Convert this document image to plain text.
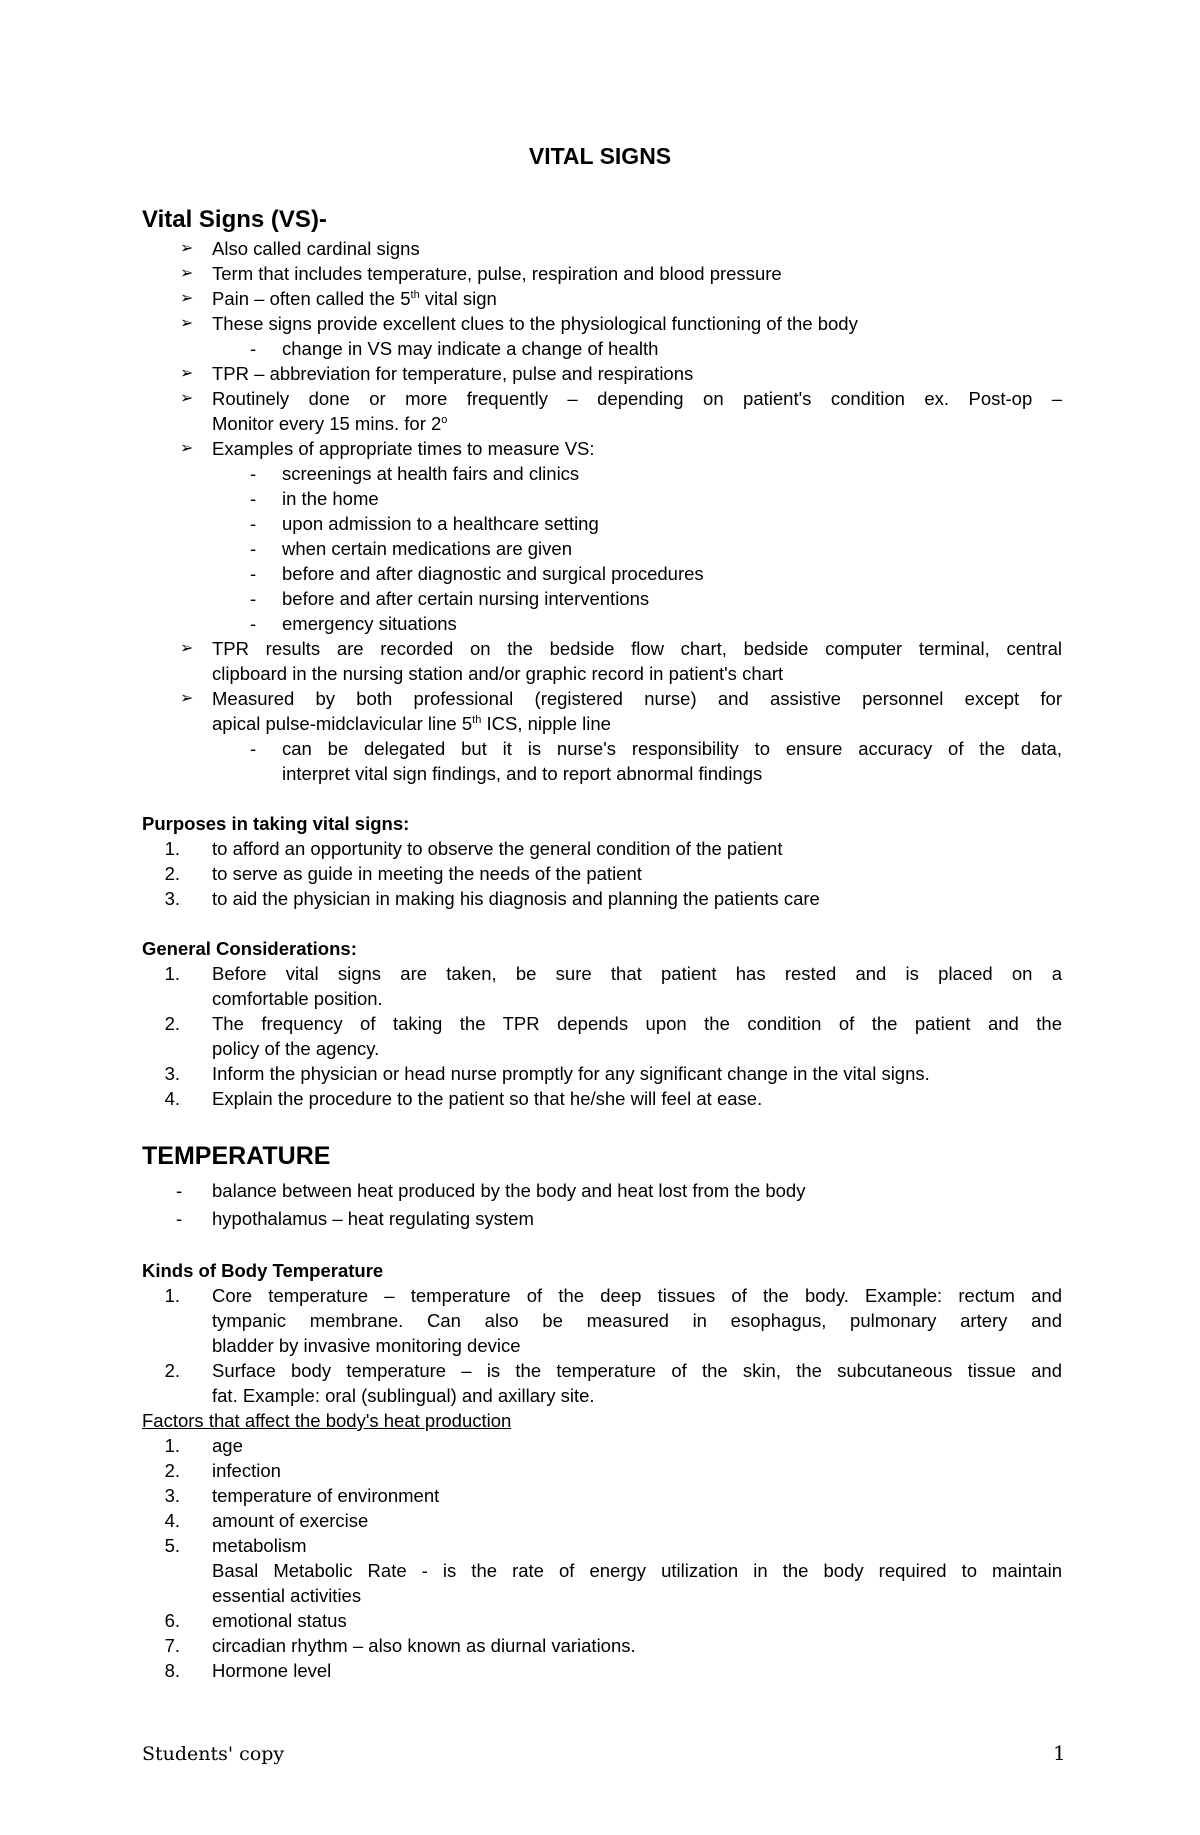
VITAL SIGNS
Vital Signs (VS)-
➢ Also called cardinal signs
➢ Term that includes temperature, pulse, respiration and blood pressure
➢ Pain – often called the 5th vital sign
➢ These signs provide excellent clues to the physiological functioning of the body
- change in VS may indicate a change of health
➢ TPR – abbreviation for temperature, pulse and respirations
➢ Routinely done or more frequently – depending on patient's condition ex. Post-op –
Monitor every 15 mins. for 2$^o$
➢ Examples of appropriate times to measure VS:
- screenings at health fairs and clinics
- in the home
- upon admission to a healthcare setting
- when certain medications are given
- before and after diagnostic and surgical procedures
- before and after certain nursing interventions
- emergency situations
➢ TPR results are recorded on the bedside flow chart, bedside computer terminal, central
clipboard in the nursing station and/or graphic record in patient's chart
➢ Measured by both professional (registered nurse) and assistive personnel except for
apical pulse-midclavicular line 5th ICS, nipple line
- can be delegated but it is nurse's responsibility to ensure accuracy of the data,
interpret vital sign findings, and to report abnormal findings
Purposes in taking vital signs:
1. to afford an opportunity to observe the general condition of the patient
2. to serve as guide in meeting the needs of the patient
3. to aid the physician in making his diagnosis and planning the patients care
General Considerations:
1. Before vital signs are taken, be sure that patient has rested and is placed on a
comfortable position.
2. The frequency of taking the TPR depends upon the condition of the patient and the
policy of the agency.
3. Inform the physician or head nurse promptly for any significant change in the vital signs.
4. Explain the procedure to the patient so that he/she will feel at ease.
TEMPERATURE
- balance between heat produced by the body and heat lost from the body
- hypothalamus – heat regulating system
Kinds of Body Temperature
1. Core temperature – temperature of the deep tissues of the body. Example: rectum and
tympanic membrane. Can also be measured in esophagus, pulmonary artery and
bladder by invasive monitoring device
2. Surface body temperature – is the temperature of the skin, the subcutaneous tissue and
fat. Example: oral (sublingual) and axillary site.
Factors that affect the body's heat production
1. age
2. infection
3. temperature of environment
4. amount of exercise
5. metabolism
Basal Metabolic Rate - is the rate of energy utilization in the body required to maintain
essential activities
6. emotional status
7. circadian rhythm – also known as diurnal variations.
8. Hormone level
Students' copy	1
